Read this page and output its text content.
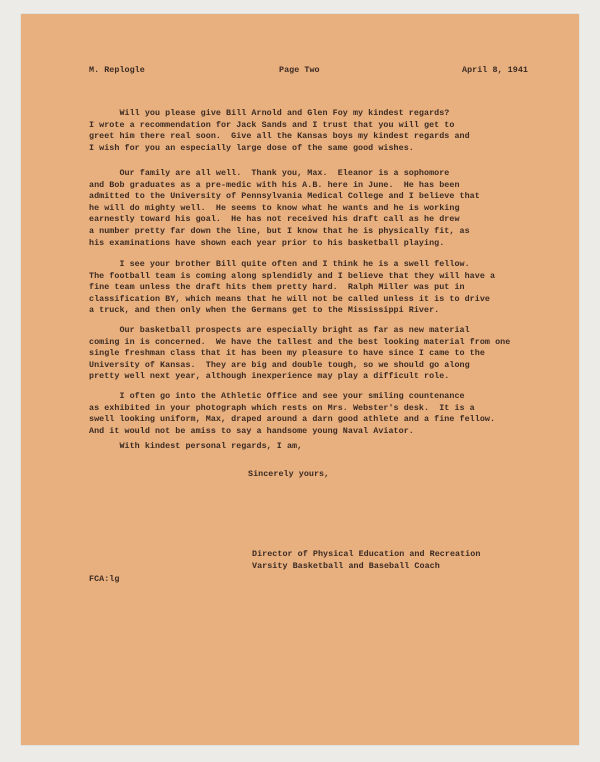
M. Replogle	Page Two	April 8, 1941
Will you please give Bill Arnold and Glen Foy my kindest regards?
I wrote a recommendation for Jack Sands and I trust that you will get to
greet him there real soon.  Give all the Kansas boys my kindest regards and
I wish for you an especially large dose of the same good wishes.
Our family are all well.  Thank you, Max.  Eleanor is a sophomore
and Bob graduates as a pre-medic with his A.B. here in June.  He has been
admitted to the University of Pennsylvania Medical College and I believe that
he will do mighty well.  He seems to know what he wants and he is working
earnestly toward his goal.  He has not received his draft call as he drew
a number pretty far down the line, but I know that he is physically fit, as
his examinations have shown each year prior to his basketball playing.
I see your brother Bill quite often and I think he is a swell fellow.
The football team is coming along splendidly and I believe that they will have a
fine team unless the draft hits them pretty hard.  Ralph Miller was put in
classification BY, which means that he will not be called unless it is to drive
a truck, and then only when the Germans get to the Mississippi River.
Our basketball prospects are especially bright as far as new material
coming in is concerned.  We have the tallest and the best looking material from one
single freshman class that it has been my pleasure to have since I came to the
University of Kansas.  They are big and double tough, so we should go along
pretty well next year, although inexperience may play a difficult role.
I often go into the Athletic Office and see your smiling countenance
as exhibited in your photograph which rests on Mrs. Webster's desk.  It is a
swell looking uniform, Max, draped around a darn good athlete and a fine fellow.
And it would not be amiss to say a handsome young Naval Aviator.
With kindest personal regards, I am,
Sincerely yours,
Director of Physical Education and Recreation
Varsity Basketball and Baseball Coach
FCA:lg
